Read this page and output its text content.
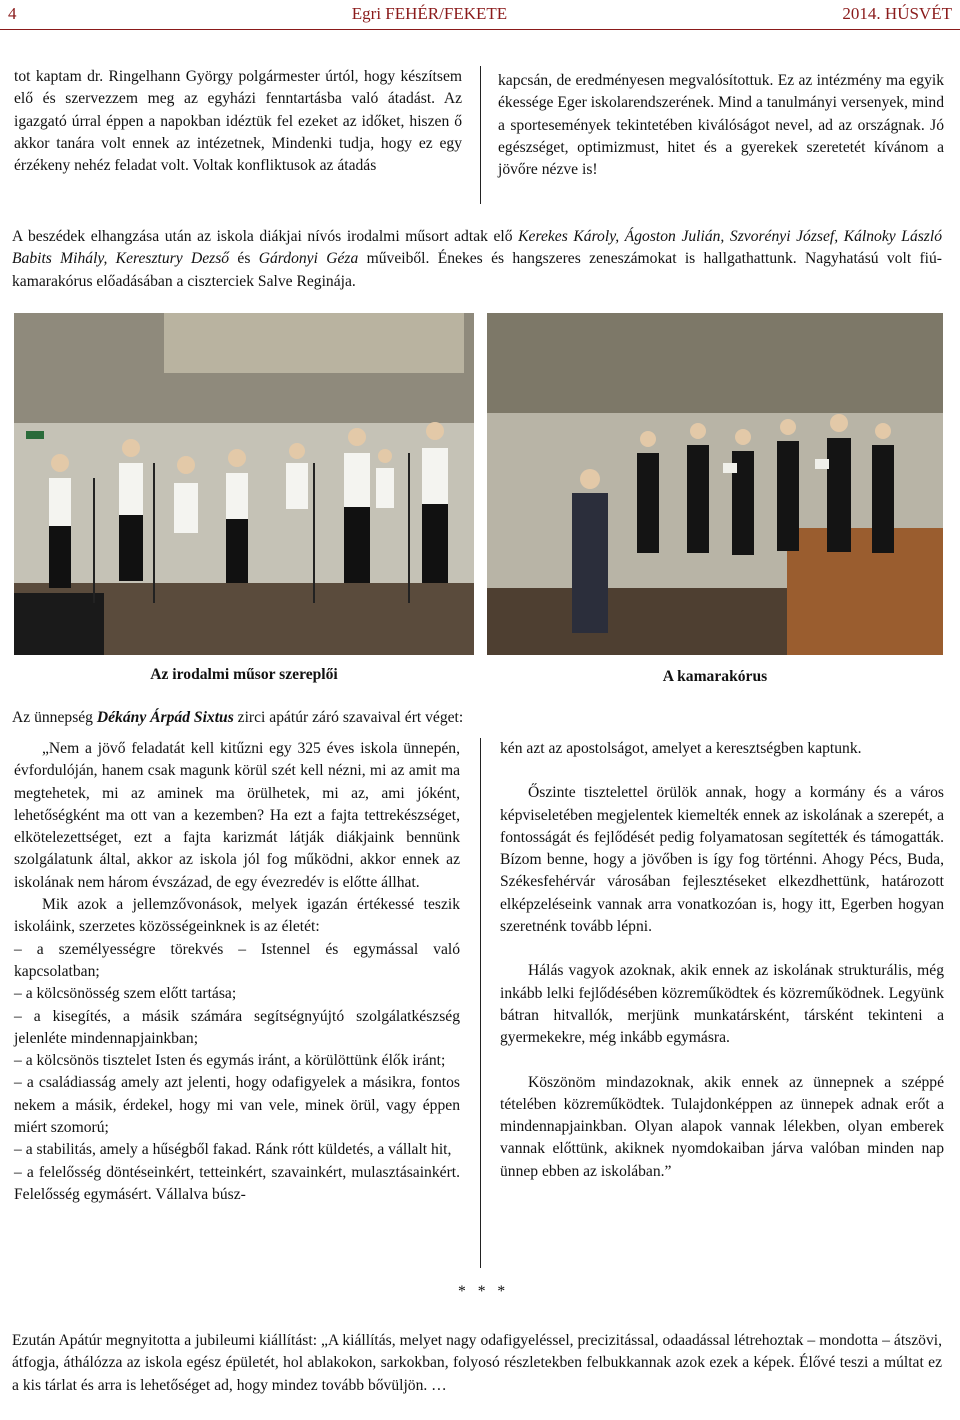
4	Egri FEHÉR/FEKETE	2014. HÚSVÉT

tot kaptam dr. Ringelhann György polgármester úrtól, hogy készítsem elő és szervezzem meg az egyházi fenntartásba való átadást. Az igazgató úrral éppen a napokban idéztük fel ezeket az időket, hiszen ő akkor tanára volt ennek az intézetnek, Mindenki tudja, hogy ez egy érzékeny nehéz feladat volt. Voltak konfliktusok az átadás

kapcsán, de eredményesen megvalósítottuk. Ez az intézmény ma egyik ékessége Eger iskolarendszerének. Mind a tanulmányi versenyek, mind a sportesemények tekintetében kiválóságot nevel, ad az országnak. Jó egészséget, optimizmust, hitet és a gyerekek szeretetét kívánom a jövőre nézve is!

A beszédek elhangzása után az iskola diákjai nívós irodalmi műsort adtak elő Kerekes Károly, Ágoston Julián, Szvorényi József, Kálnoky László Babits Mihály, Keresztury Dezső és Gárdonyi Géza műveiből. Énekes és hangszeres zeneszámokat is hallgathattunk. Nagyhatású volt fiú-kamarakórus előadásában a ciszterciek Salve Reginája.

Az irodalmi műsor szereplői	A kamarakórus

Az ünnepség Dékány Árpád Sixtus zirci apátúr záró szavaival ért véget:

„Nem a jövő feladatát kell kitűzni egy 325 éves iskola ünnepén, évfordulóján, hanem csak magunk körül szét kell nézni, mi az amit ma megtehetek, mi az aminek ma örülhetek, mi az, ami jóként, lehetőségként ma ott van a kezemben? Ha ezt a fajta tettrekészséget, elkötelezettséget, ezt a fajta karizmát látják diákjaink bennünk szolgálatunk által, akkor az iskola jól fog működni, akkor ennek az iskolának nem három évszázad, de egy évezredév is előtte állhat.

Mik azok a jellemzővonások, melyek igazán értékessé teszik iskoláink, szerzetes közösségeinknek is az életét:

– a személyességre törekvés – Istennel és egymással való kapcsolatban;

– a kölcsönösség szem előtt tartása;

– a kisegítés, a másik számára segítségnyújtó szolgálatkészség jelenléte mindennapjainkban;

– a kölcsönös tisztelet Isten és egymás iránt, a körülöttünk élők iránt;

– a családiasság amely azt jelenti, hogy odafigyelek a másikra, fontos nekem a másik, érdekel, hogy mi van vele, minek örül, vagy éppen miért szomorú;

– a stabilitás, amely a hűségből fakad. Ránk rótt küldetés, a vállalt hit,

– a felelősség döntéseinkért, tetteinkért, szavainkért, mulasztásainkért. Felelősség egymásért. Vállalva búsz-

kén azt az apostolságot, amelyet a keresztségben kaptunk.

Őszinte tisztelettel örülök annak, hogy a kormány és a város képviseletében megjelentek kiemelték ennek az iskolának a szerepét, a fontosságát és fejlődését pedig folyamatosan segítették és támogatták. Bízom benne, hogy a jövőben is így fog történni. Ahogy Pécs, Buda, Székesfehérvár városában fejlesztéseket elkezdhettünk, határozott elképzeléseink vannak arra vonatkozóan is, hogy itt, Egerben hogyan szeretnénk tovább lépni.

Hálás vagyok azoknak, akik ennek az iskolának strukturális, még inkább lelki fejlődésében közreműködtek és közreműködnek. Legyünk bátran hitvallók, merjünk munkatársként, társként tekinteni a gyermekekre, még inkább egymásra.

Köszönöm mindazoknak, akik ennek az ünnepnek a széppé tételében közreműködtek. Tulajdonképpen az ünnepek adnak erőt a mindennapjainkban. Olyan alapok vannak lélekben, olyan emberek vannak előttünk, akiknek nyomdokaiban járva valóban minden nap ünnep ebben az iskolában.”

* * *

Ezután Apátúr megnyitotta a jubileumi kiállítást: „A kiállítás, melyet nagy odafigyeléssel, precizitással, odaadással létrehoztak – mondotta – átszövi, átfogja, áthálózza az iskola egész épületét, hol ablakokon, sarkokban, folyosó részletekben felbukkannak azok ezek a képek. Élővé teszi a múltat ez a kis tárlat és arra is lehetőséget ad, hogy mindez tovább bővüljön. …
